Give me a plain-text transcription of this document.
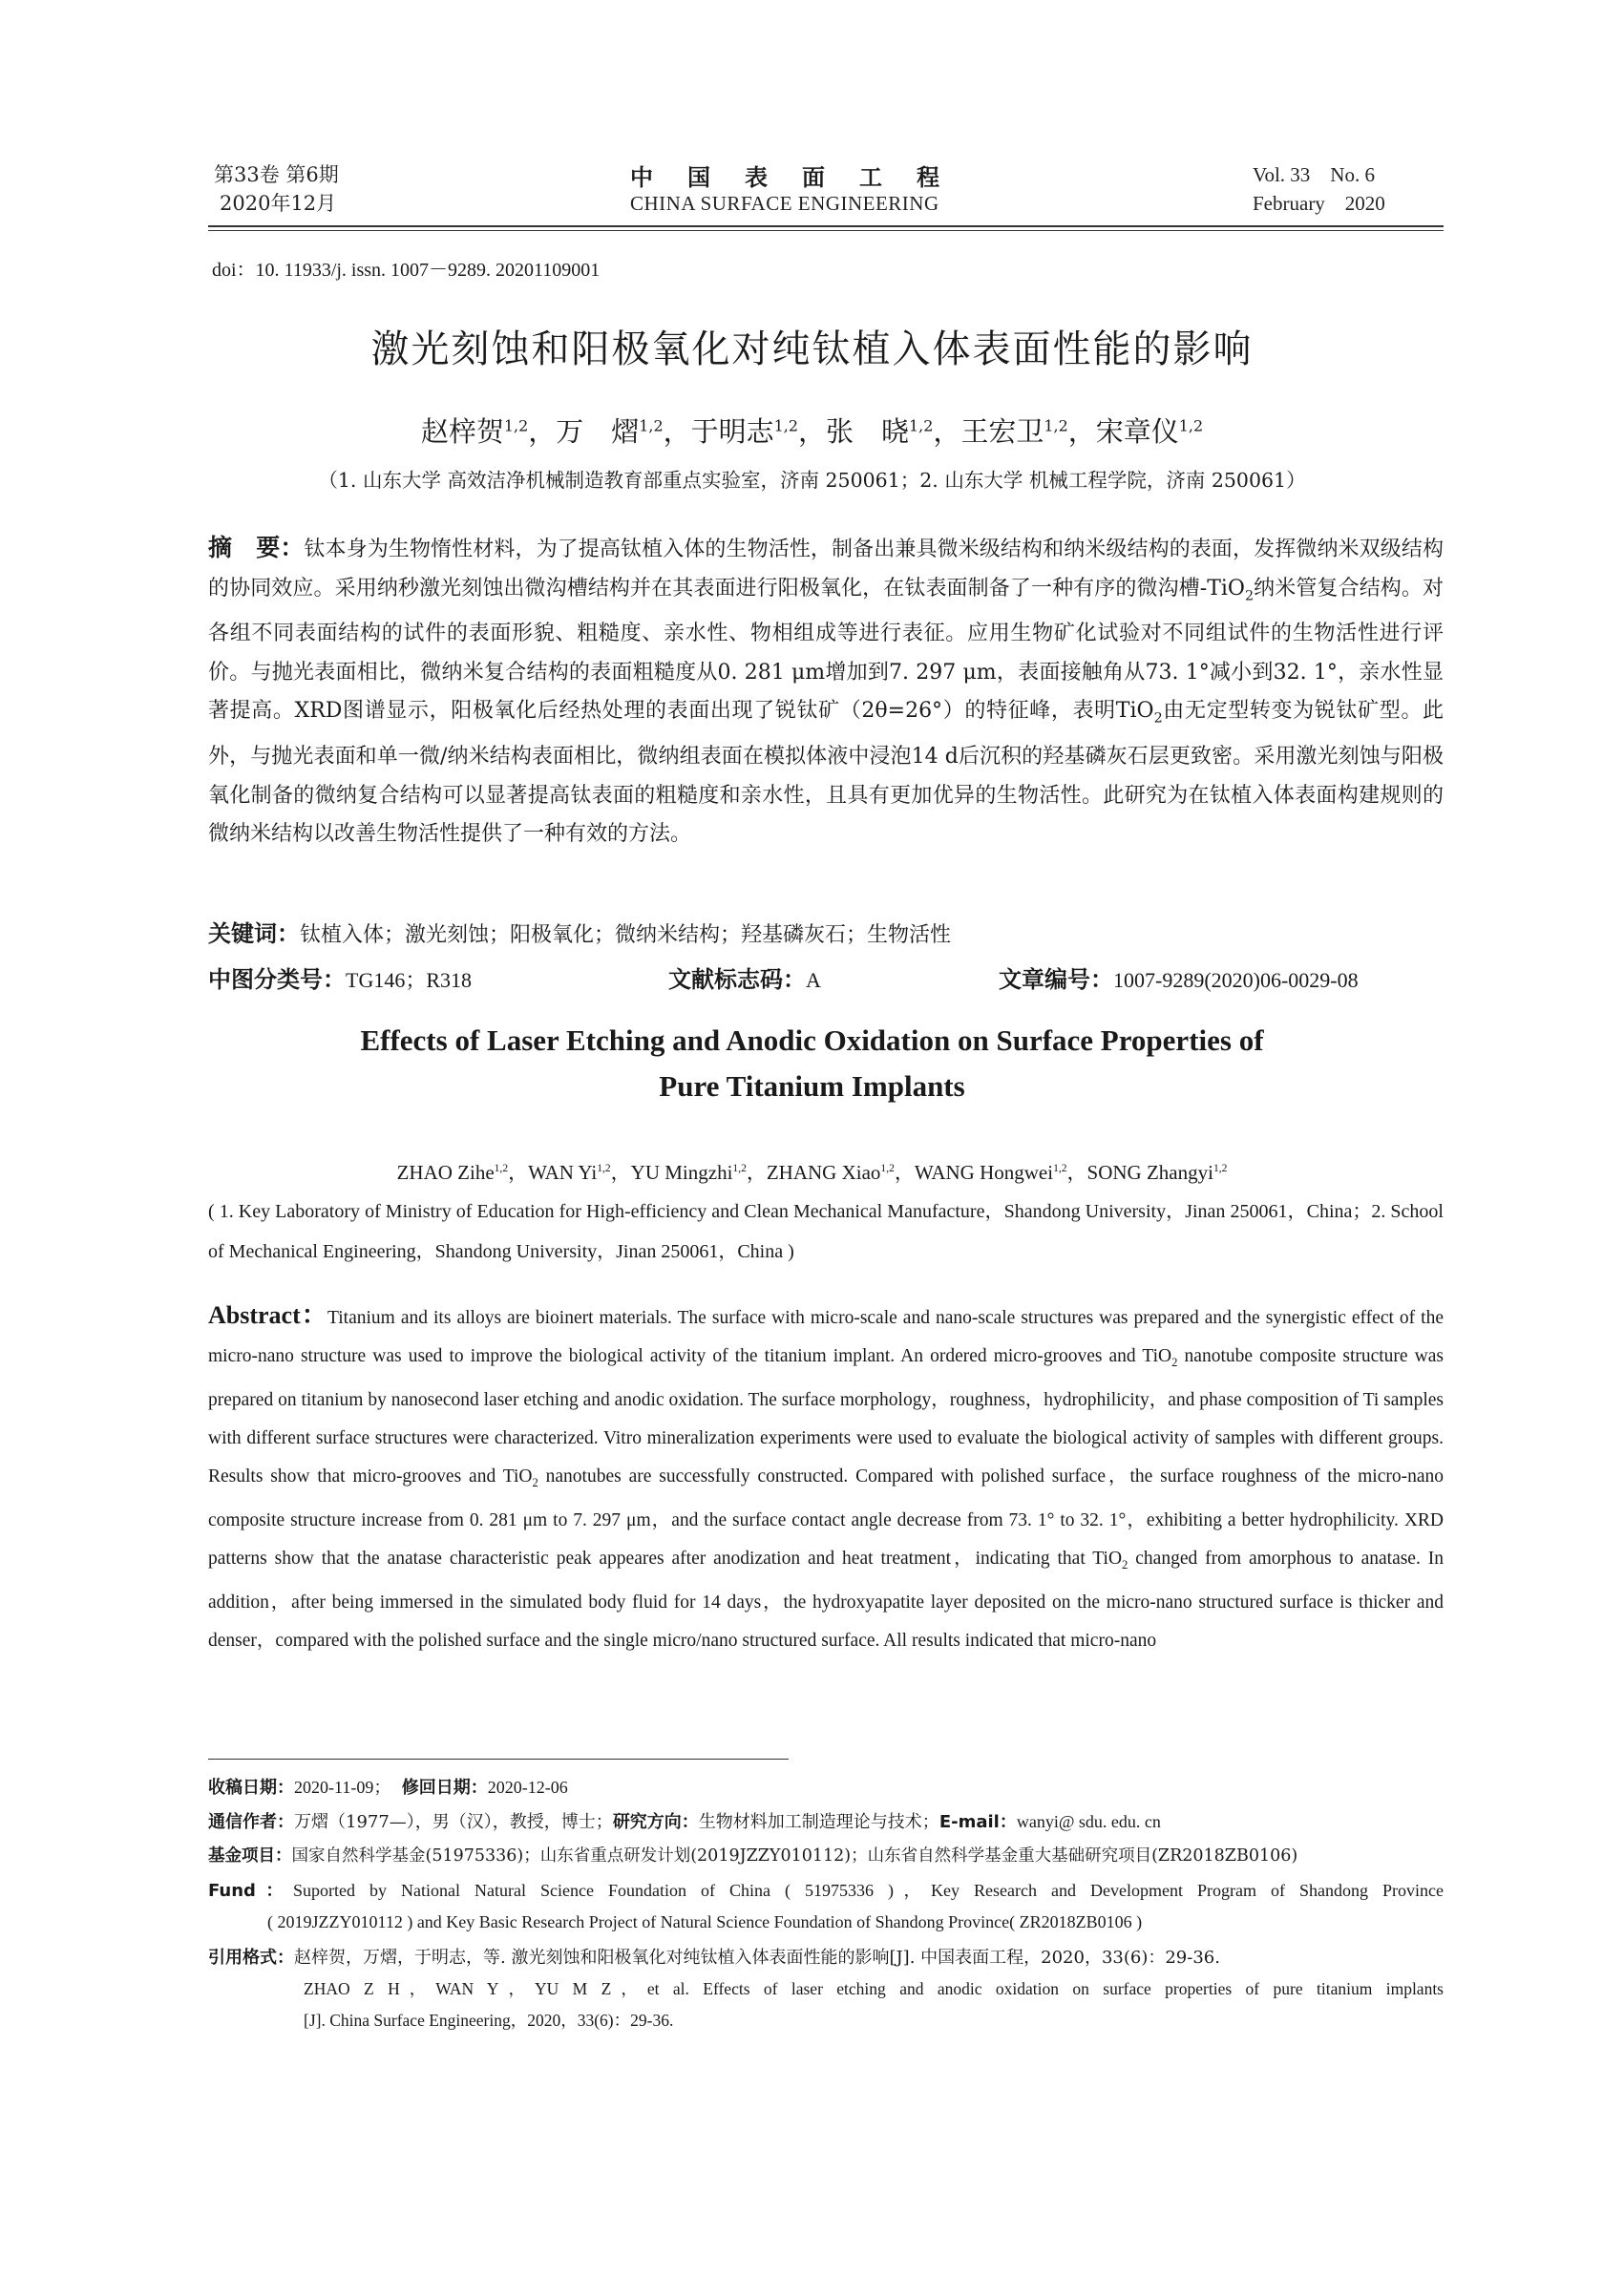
第33卷 第6期
2020年12月
中国表面工程
CHINA SURFACE ENGINEERING
Vol. 33    No. 6
February    2020
doi：10. 11933/j. issn. 1007－9289. 20201109001
激光刻蚀和阳极氧化对纯钛植入体表面性能的影响
赵梓贺$^{1,2}$，万　熠$^{1,2}$，于明志$^{1,2}$，张　晓$^{1,2}$，王宏卫$^{1,2}$，宋章仪$^{1,2}$
（1. 山东大学 高效洁净机械制造教育部重点实验室，济南 250061；2. 山东大学 机械工程学院，济南 250061）
摘　要：钛本身为生物惰性材料，为了提高钛植入体的生物活性，制备出兼具微米级结构和纳米级结构的表面，发挥微纳米双级结构的协同效应。采用纳秒激光刻蚀出微沟槽结构并在其表面进行阳极氧化，在钛表面制备了一种有序的微沟槽-TiO$_2$纳米管复合结构。对各组不同表面结构的试件的表面形貌、粗糙度、亲水性、物相组成等进行表征。应用生物矿化试验对不同组试件的生物活性进行评价。与抛光表面相比，微纳米复合结构的表面粗糙度从0. 281 μm增加到7. 297 μm，表面接触角从73. 1°减小到32. 1°，亲水性显著提高。XRD图谱显示，阳极氧化后经热处理的表面出现了锐钛矿（2θ=26°）的特征峰，表明TiO$_2$由无定型转变为锐钛矿型。此外，与抛光表面和单一微/纳米结构表面相比，微纳组表面在模拟体液中浸泡14 d后沉积的羟基磷灰石层更致密。采用激光刻蚀与阳极氧化制备的微纳复合结构可以显著提高钛表面的粗糙度和亲水性，且具有更加优异的生物活性。此研究为在钛植入体表面构建规则的微纳米结构以改善生物活性提供了一种有效的方法。
关键词：钛植入体；激光刻蚀；阳极氧化；微纳米结构；羟基磷灰石；生物活性
中图分类号：TG146；R318	文献标志码：A	文章编号：1007-9289(2020)06-0029-08
Effects of Laser Etching and Anodic Oxidation on Surface Properties of
Pure Titanium Implants
ZHAO Zihe$^{1,2}$，WAN Yi$^{1,2}$，YU Mingzhi$^{1,2}$，ZHANG Xiao$^{1,2}$，WANG Hongwei$^{1,2}$，SONG Zhangyi$^{1,2}$
( 1. Key Laboratory of Ministry of Education for High-efficiency and Clean Mechanical Manufacture，Shandong University，Jinan 250061，China；2. School of Mechanical Engineering，Shandong University，Jinan 250061，China )
Abstract：Titanium and its alloys are bioinert materials. The surface with micro-scale and nano-scale structures was prepared and the synergistic effect of the micro-nano structure was used to improve the biological activity of the titanium implant. An ordered micro-grooves and TiO$_2$ nanotube composite structure was prepared on titanium by nanosecond laser etching and anodic oxidation. The surface morphology，roughness，hydrophilicity，and phase composition of Ti samples with different surface structures were characterized. Vitro mineralization experiments were used to evaluate the biological activity of samples with different groups. Results show that micro-grooves and TiO$_2$ nanotubes are successfully constructed. Compared with polished surface，the surface roughness of the micro-nano composite structure increase from 0. 281 μm to 7. 297 μm，and the surface contact angle decrease from 73. 1° to 32. 1°，exhibiting a better hydrophilicity. XRD patterns show that the anatase characteristic peak appeares after anodization and heat treatment，indicating that TiO$_2$ changed from amorphous to anatase. In addition，after being immersed in the simulated body fluid for 14 days，the hydroxyapatite layer deposited on the micro-nano structured surface is thicker and denser，compared with the polished surface and the single micro/nano structured surface. All results indicated that micro-nano
收稿日期：2020-11-09； 修回日期：2020-12-06
通信作者：万熠（1977—），男（汉），教授，博士；研究方向：生物材料加工制造理论与技术；E-mail：wanyi@ sdu. edu. cn
基金项目：国家自然科学基金(51975336)；山东省重点研发计划(2019JZZY010112)；山东省自然科学基金重大基础研究项目(ZR2018ZB0106)
Fund：Suported by National Natural Science Foundation of China ( 51975336 )，Key Research and Development Program of Shandong Province
( 2019JZZY010112 ) and Key Basic Research Project of Natural Science Foundation of Shandong Province( ZR2018ZB0106 )
引用格式：赵梓贺，万熠，于明志，等. 激光刻蚀和阳极氧化对纯钛植入体表面性能的影响[J]. 中国表面工程，2020，33(6)：29-36.
ZHAO Z H，WAN Y，YU M Z，et al. Effects of laser etching and anodic oxidation on surface properties of pure titanium implants
[J]. China Surface Engineering，2020，33(6)：29-36.
